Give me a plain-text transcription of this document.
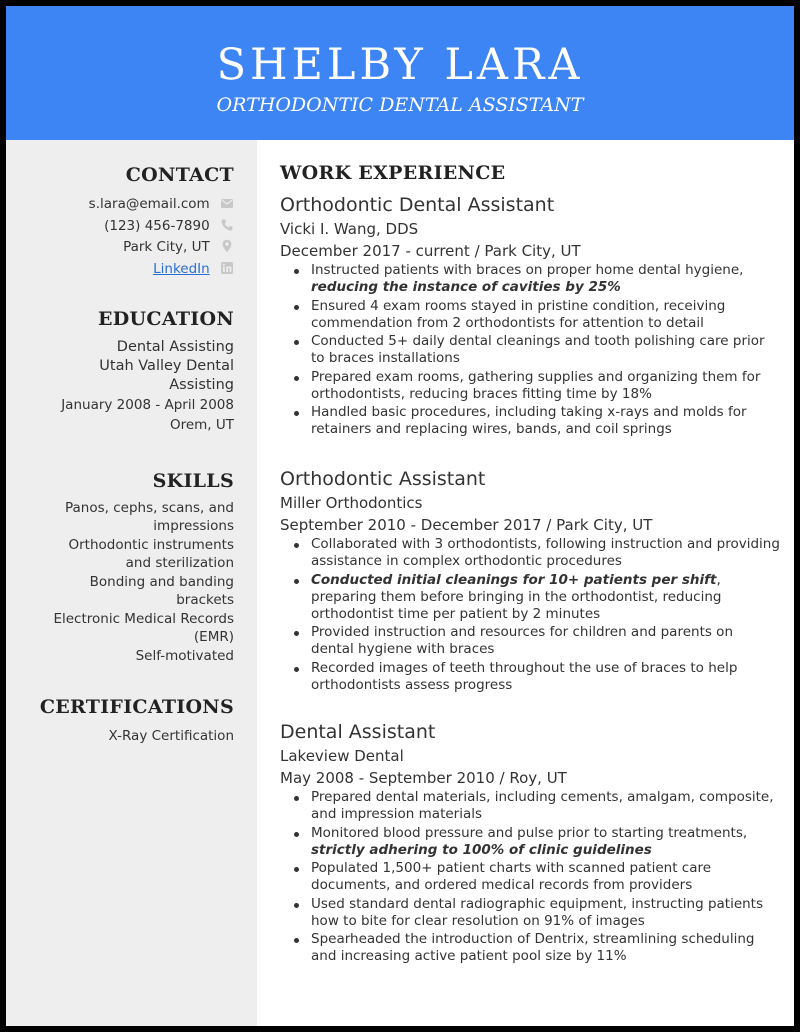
SHELBY LARA
ORTHODONTIC DENTAL ASSISTANT
CONTACT
s.lara@email.com
(123) 456-7890
Park City, UT
LinkedIn
EDUCATION
Dental Assisting
Utah Valley Dental
Assisting
January 2008 - April 2008
Orem, UT
SKILLS
Panos, cephs, scans, and
impressions
Orthodontic instruments
and sterilization
Bonding and banding
brackets
Electronic Medical Records
(EMR)
Self-motivated
CERTIFICATIONS
X-Ray Certification
WORK EXPERIENCE
Orthodontic Dental Assistant
Vicki I. Wang, DDS
December 2017 - current / Park City, UT
Instructed patients with braces on proper home dental hygiene, reducing the instance of cavities by 25%
Ensured 4 exam rooms stayed in pristine condition, receiving commendation from 2 orthodontists for attention to detail
Conducted 5+ daily dental cleanings and tooth polishing care prior to braces installations
Prepared exam rooms, gathering supplies and organizing them for orthodontists, reducing braces fitting time by 18%
Handled basic procedures, including taking x-rays and molds for retainers and replacing wires, bands, and coil springs
Orthodontic Assistant
Miller Orthodontics
September 2010 - December 2017 / Park City, UT
Collaborated with 3 orthodontists, following instruction and providing assistance in complex orthodontic procedures
Conducted initial cleanings for 10+ patients per shift, preparing them before bringing in the orthodontist, reducing orthodontist time per patient by 2 minutes
Provided instruction and resources for children and parents on dental hygiene with braces
Recorded images of teeth throughout the use of braces to help orthodontists assess progress
Dental Assistant
Lakeview Dental
May 2008 - September 2010 / Roy, UT
Prepared dental materials, including cements, amalgam, composite, and impression materials
Monitored blood pressure and pulse prior to starting treatments, strictly adhering to 100% of clinic guidelines
Populated 1,500+ patient charts with scanned patient care documents, and ordered medical records from providers
Used standard dental radiographic equipment, instructing patients how to bite for clear resolution on 91% of images
Spearheaded the introduction of Dentrix, streamlining scheduling and increasing active patient pool size by 11%
